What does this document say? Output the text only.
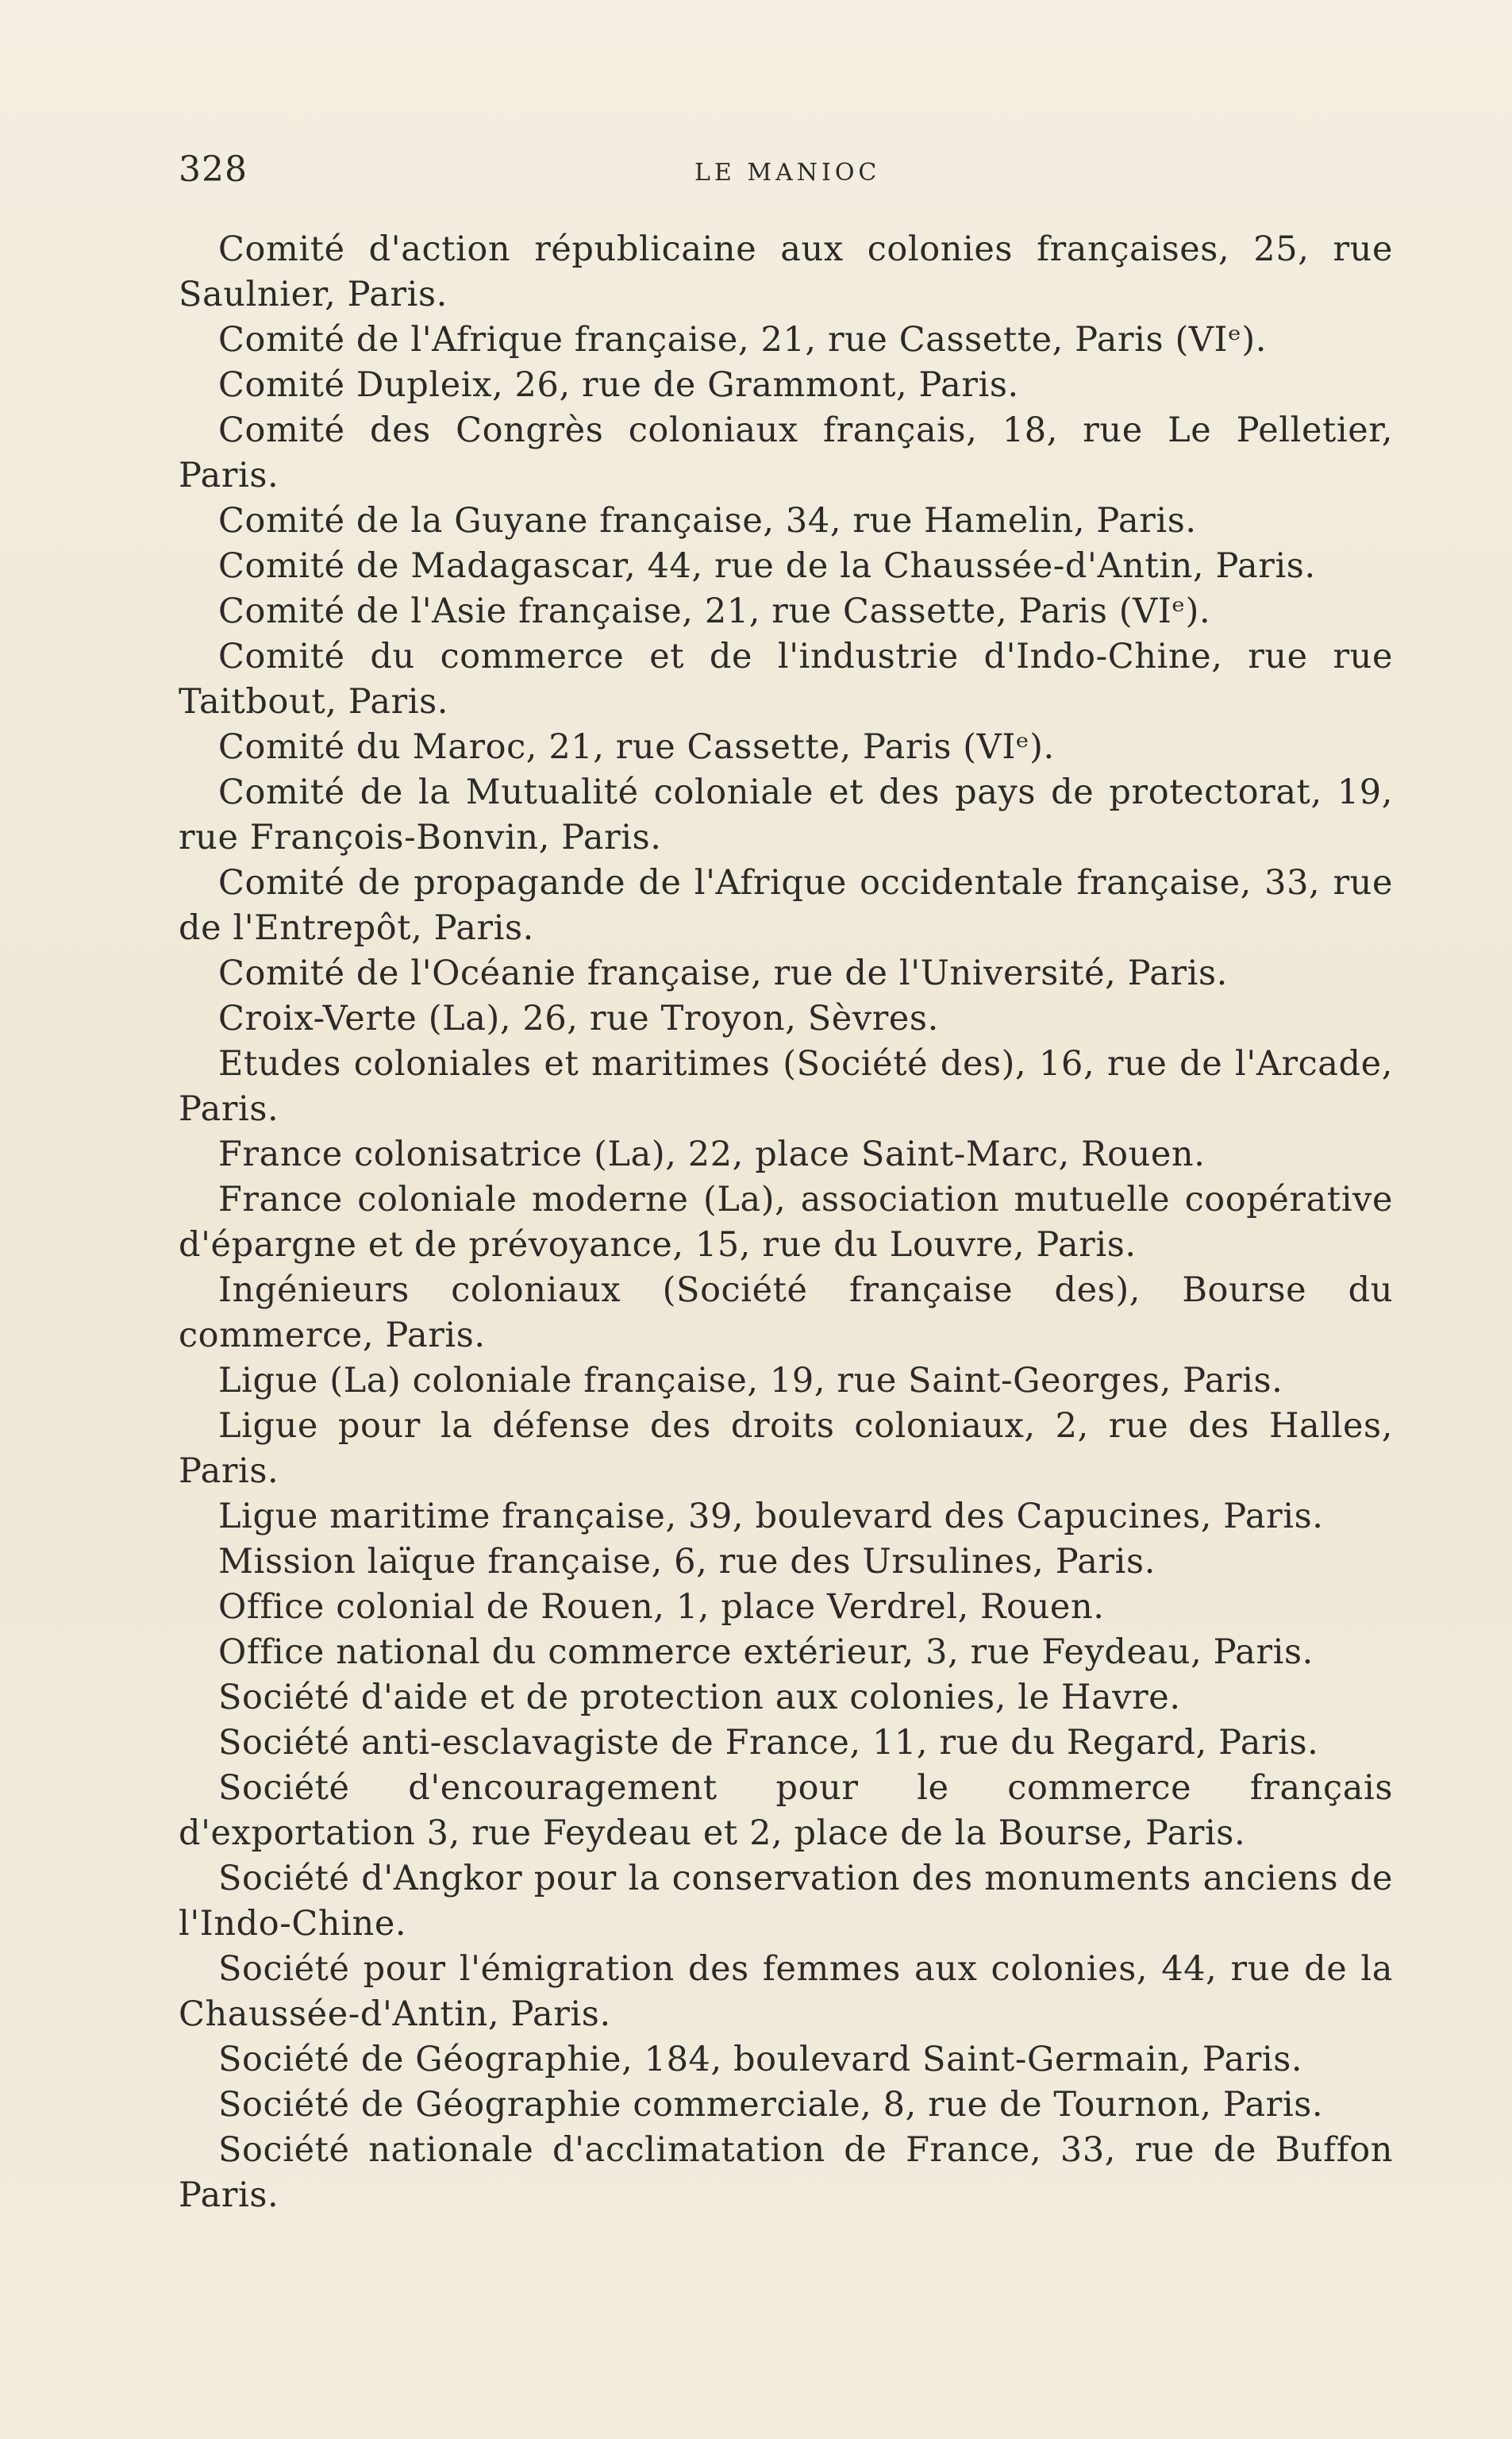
328	LE MANIOC
Comité d'action républicaine aux colonies françaises, 25, rue Saulnier, Paris.
Comité de l'Afrique française, 21, rue Cassette, Paris (VIᵉ).
Comité Dupleix, 26, rue de Grammont, Paris.
Comité des Congrès coloniaux français, 18, rue Le Pelletier, Paris.
Comité de la Guyane française, 34, rue Hamelin, Paris.
Comité de Madagascar, 44, rue de la Chaussée-d'Antin, Paris.
Comité de l'Asie française, 21, rue Cassette, Paris (VIᵉ).
Comité du commerce et de l'industrie d'Indo-Chine, rue rue Taitbout, Paris.
Comité du Maroc, 21, rue Cassette, Paris (VIᵉ).
Comité de la Mutualité coloniale et des pays de protectorat, 19, rue François-Bonvin, Paris.
Comité de propagande de l'Afrique occidentale française, 33, rue de l'Entrepôt, Paris.
Comité de l'Océanie française, rue de l'Université, Paris.
Croix-Verte (La), 26, rue Troyon, Sèvres.
Etudes coloniales et maritimes (Société des), 16, rue de l'Arcade, Paris.
France colonisatrice (La), 22, place Saint-Marc, Rouen.
France coloniale moderne (La), association mutuelle coopérative d'épargne et de prévoyance, 15, rue du Louvre, Paris.
Ingénieurs coloniaux (Société française des), Bourse du commerce, Paris.
Ligue (La) coloniale française, 19, rue Saint-Georges, Paris.
Ligue pour la défense des droits coloniaux, 2, rue des Halles, Paris.
Ligue maritime française, 39, boulevard des Capucines, Paris.
Mission laïque française, 6, rue des Ursulines, Paris.
Office colonial de Rouen, 1, place Verdrel, Rouen.
Office national du commerce extérieur, 3, rue Feydeau, Paris.
Société d'aide et de protection aux colonies, le Havre.
Société anti-esclavagiste de France, 11, rue du Regard, Paris.
Société d'encouragement pour le commerce français d'exportation 3, rue Feydeau et 2, place de la Bourse, Paris.
Société d'Angkor pour la conservation des monuments anciens de l'Indo-Chine.
Société pour l'émigration des femmes aux colonies, 44, rue de la Chaussée-d'Antin, Paris.
Société de Géographie, 184, boulevard Saint-Germain, Paris.
Société de Géographie commerciale, 8, rue de Tournon, Paris.
Société nationale d'acclimatation de France, 33, rue de Buffon Paris.
